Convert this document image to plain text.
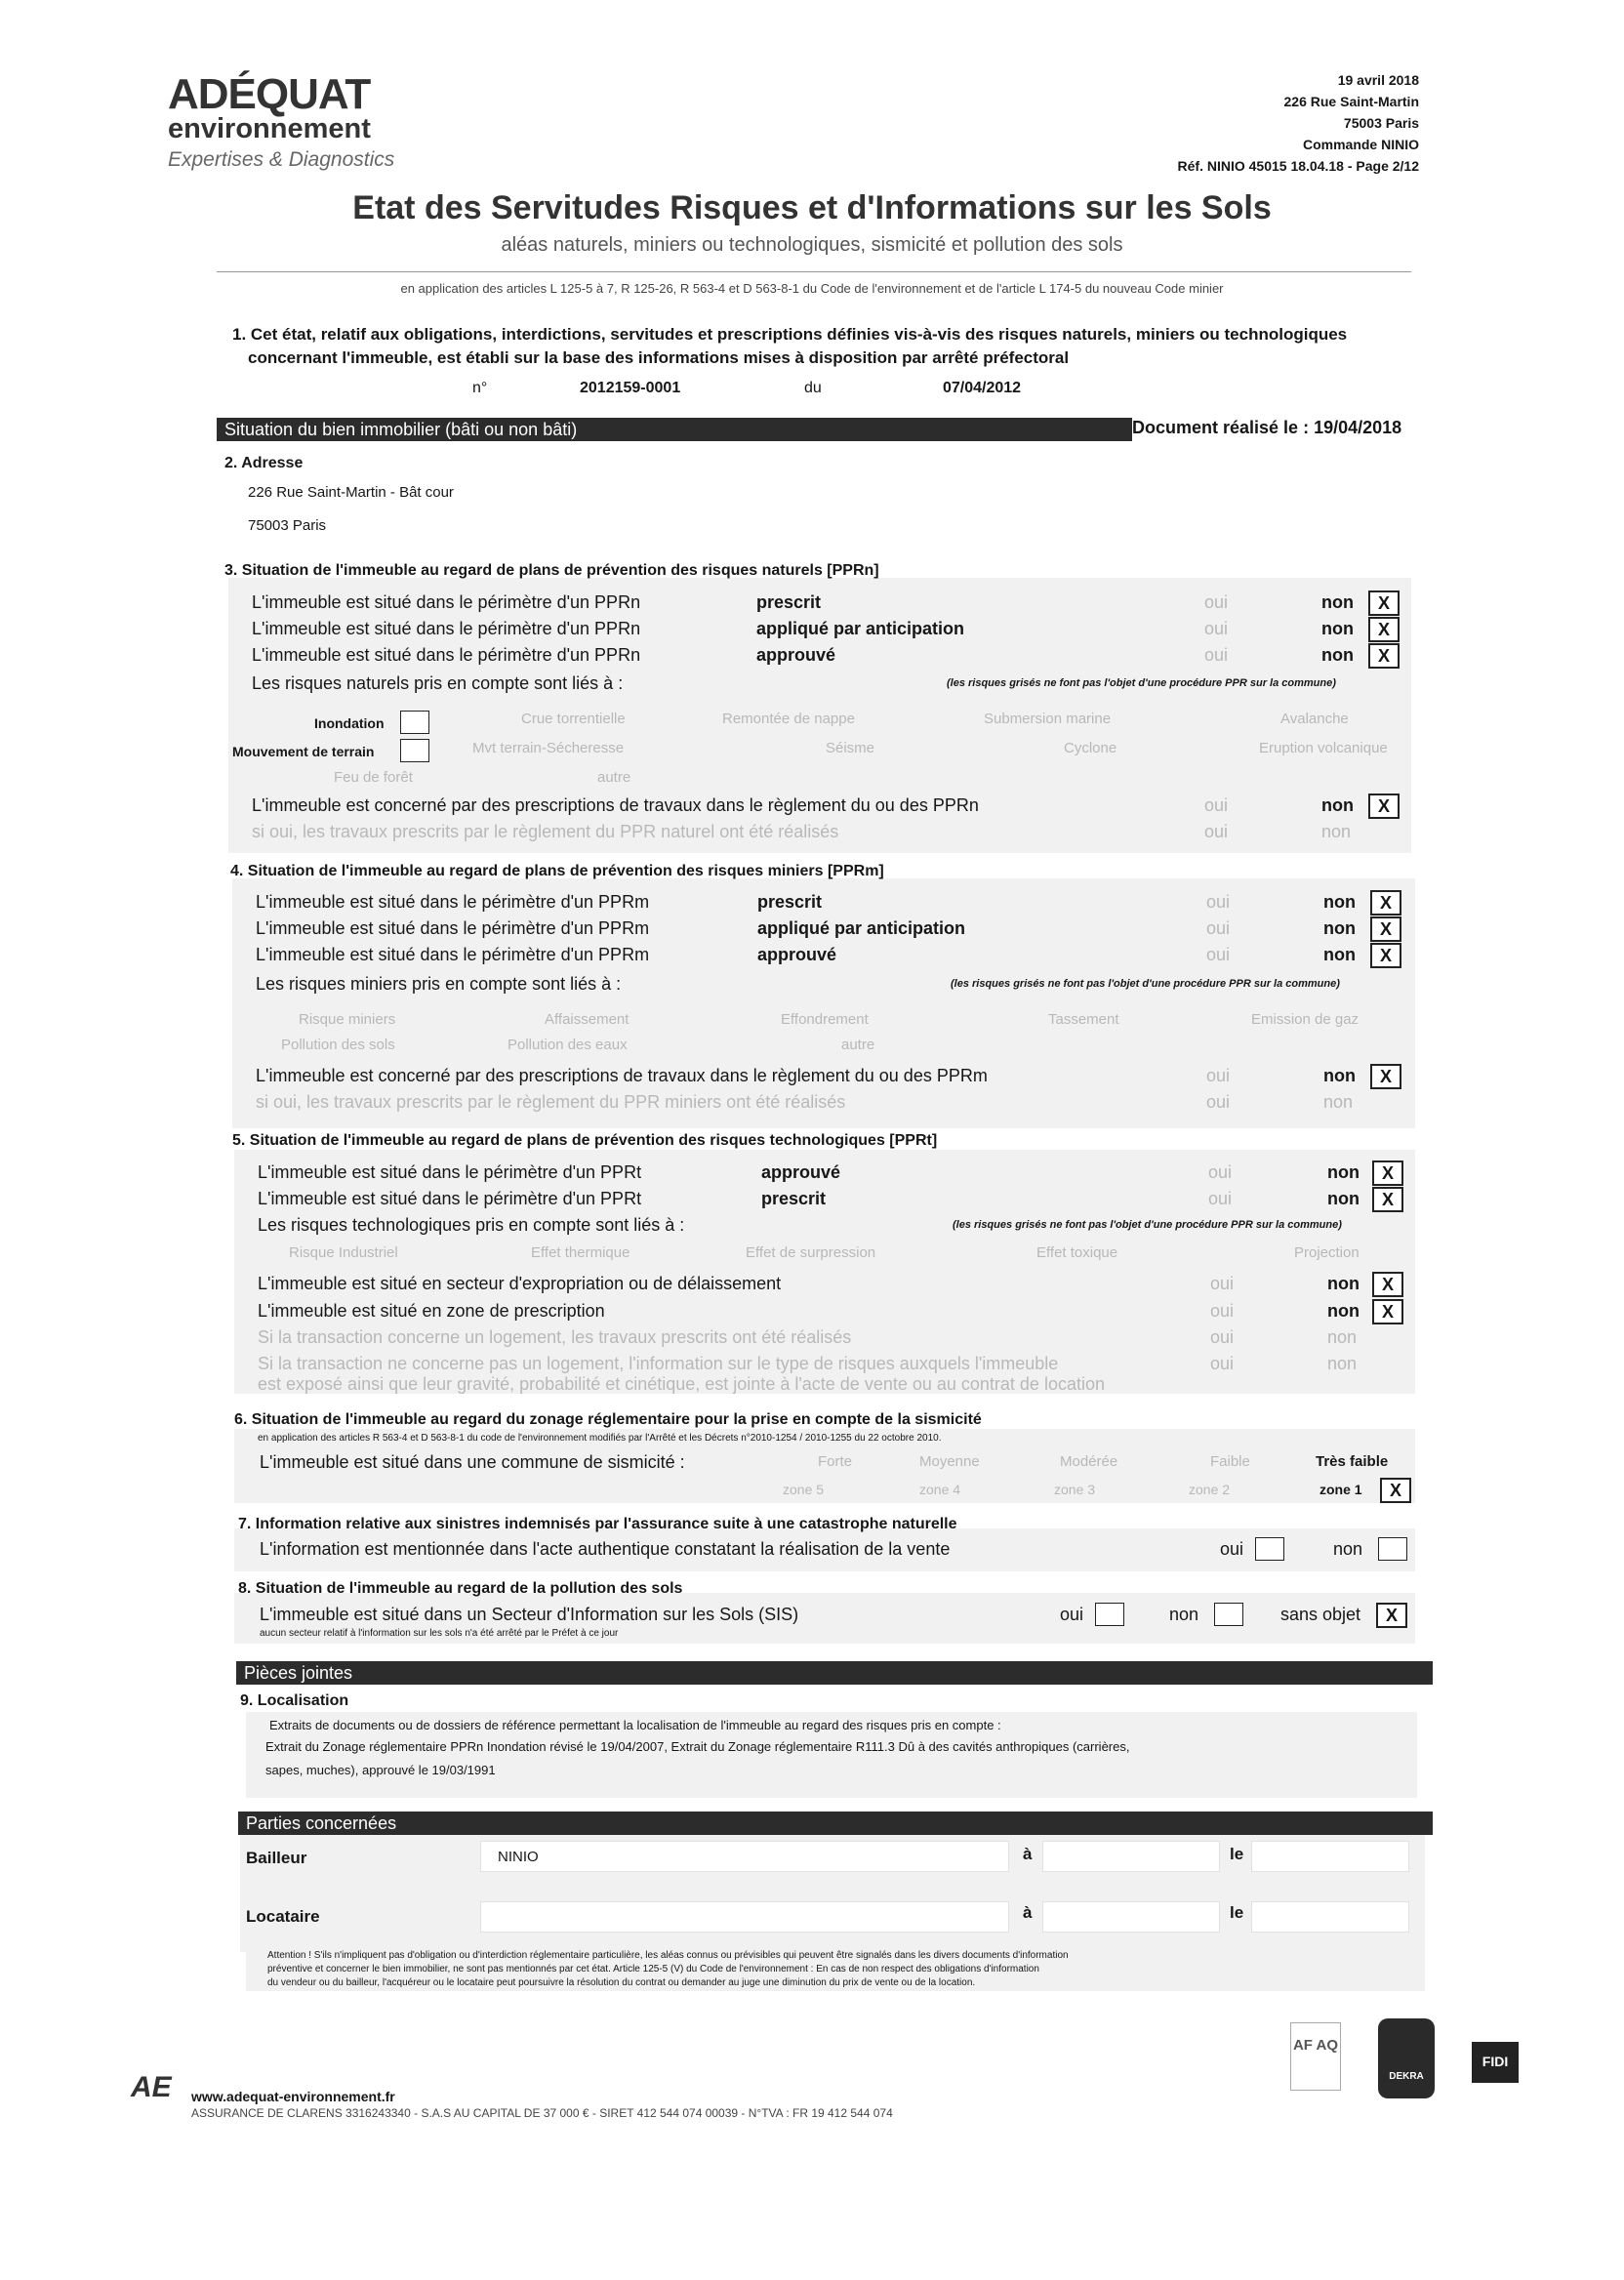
ADÉQUAT
environnement
Expertises & Diagnostics
19 avril 2018
226 Rue Saint-Martin
75003 Paris
Commande NINIO
Réf. NINIO 45015 18.04.18 - Page 2/12
Etat des Servitudes Risques et d'Informations sur les Sols
aléas naturels, miniers ou technologiques, sismicité et pollution des sols
en application des articles L 125-5 à 7, R 125-26, R 563-4 et D 563-8-1 du Code de l'environnement et de l'article L 174-5 du nouveau Code minier
1. Cet état, relatif aux obligations, interdictions, servitudes et prescriptions définies vis-à-vis des risques naturels, miniers ou technologiques
concernant l'immeuble, est établi sur la base des informations mises à disposition par arrêté préfectoral
n°	2012159-0001	du	07/04/2012
Situation du bien immobilier (bâti ou non bâti)	Document réalisé le : 19/04/2018
2. Adresse
226 Rue Saint-Martin - Bât cour
75003 Paris
3. Situation de l'immeuble au regard de plans de prévention des risques naturels [PPRn]
L'immeuble est situé dans le périmètre d'un PPRn	prescrit	oui	non	X
L'immeuble est situé dans le périmètre d'un PPRn	appliqué par anticipation	oui	non	X
L'immeuble est situé dans le périmètre d'un PPRn	approuvé	oui	non	X
Les risques naturels pris en compte sont liés à :	(les risques grisés ne font pas l'objet d'une procédure PPR sur la commune)
Inondation	Crue torrentielle	Remontée de nappe	Submersion marine	Avalanche
Mouvement de terrain	Mvt terrain-Sécheresse	Séisme	Cyclone	Eruption volcanique
Feu de forêt	autre
L'immeuble est concerné par des prescriptions de travaux dans le règlement du ou des PPRn	oui	non	X
si oui, les travaux prescrits par le règlement du PPR naturel ont été réalisés	oui	non
4. Situation de l'immeuble au regard de plans de prévention des risques miniers [PPRm]
L'immeuble est situé dans le périmètre d'un PPRm	prescrit	oui	non	X
L'immeuble est situé dans le périmètre d'un PPRm	appliqué par anticipation	oui	non	X
L'immeuble est situé dans le périmètre d'un PPRm	approuvé	oui	non	X
Les risques miniers pris en compte sont liés à :	(les risques grisés ne font pas l'objet d'une procédure PPR sur la commune)
Risque miniers	Affaissement	Effondrement	Tassement	Emission de gaz
Pollution des sols	Pollution des eaux	autre
L'immeuble est concerné par des prescriptions de travaux dans le règlement du ou des PPRm	oui	non	X
si oui, les travaux prescrits par le règlement du PPR miniers ont été réalisés	oui	non
5. Situation de l'immeuble au regard de plans de prévention des risques technologiques [PPRt]
L'immeuble est situé dans le périmètre d'un PPRt	approuvé	oui	non	X
L'immeuble est situé dans le périmètre d'un PPRt	prescrit	oui	non	X
Les risques technologiques pris en compte sont liés à :	(les risques grisés ne font pas l'objet d'une procédure PPR sur la commune)
Risque Industriel	Effet thermique	Effet de surpression	Effet toxique	Projection
L'immeuble est situé en secteur d'expropriation ou de délaissement	oui	non	X
L'immeuble est situé en zone de prescription	oui	non	X
Si la transaction concerne un logement, les travaux prescrits ont été réalisés	oui	non
Si la transaction ne concerne pas un logement, l'information sur le type de risques auxquels l'immeuble	oui	non
est exposé ainsi que leur gravité, probabilité et cinétique, est jointe à l'acte de vente ou au contrat de location
6. Situation de l'immeuble au regard du zonage réglementaire pour la prise en compte de la sismicité
en application des articles R 563-4 et D 563-8-1 du code de l'environnement modifiés par l'Arrêté et les Décrets n°2010-1254 / 2010-1255 du 22 octobre 2010.
L'immeuble est situé dans une commune de sismicité :	Forte	Moyenne	Modérée	Faible	Très faible
zone 5	zone 4	zone 3	zone 2	zone 1	X
7. Information relative aux sinistres indemnisés par l'assurance suite à une catastrophe naturelle
L'information est mentionnée dans l'acte authentique constatant la réalisation de la vente	oui	non
8. Situation de l'immeuble au regard de la pollution des sols
L'immeuble est situé dans un Secteur d'Information sur les Sols (SIS)	oui	non	sans objet	X
aucun secteur relatif à l'information sur les sols n'a été arrêté par le Préfet à ce jour
Pièces jointes
9. Localisation
Extraits de documents ou de dossiers de référence permettant la localisation de l'immeuble au regard des risques pris en compte :
Extrait du Zonage réglementaire PPRn Inondation révisé le 19/04/2007, Extrait du Zonage réglementaire R111.3 Dû à des cavités anthropiques (carrières,
sapes, muches), approuvé le 19/03/1991
Parties concernées
Bailleur	NINIO	à	le
Locataire	à	le
Attention ! S'ils n'impliquent pas d'obligation ou d'interdiction réglementaire particulière, les aléas connus ou prévisibles qui peuvent être signalés dans les divers documents d'information
préventive et concerner le bien immobilier, ne sont pas mentionnés par cet état. Article 125-5 (V) du Code de l'environnement : En cas de non respect des obligations d'information
du vendeur ou du bailleur, l'acquéreur ou le locataire peut poursuivre la résolution du contrat ou demander au juge une diminution du prix de vente ou de la location.
AE www.adequat-environnement.fr
ASSURANCE DE CLARENS 3316243340 - S.A.S AU CAPITAL DE 37 000 € - SIRET 412 544 074 00039 - N°TVA : FR 19 412 544 074
AF AQ
DEKRA
FIDI
